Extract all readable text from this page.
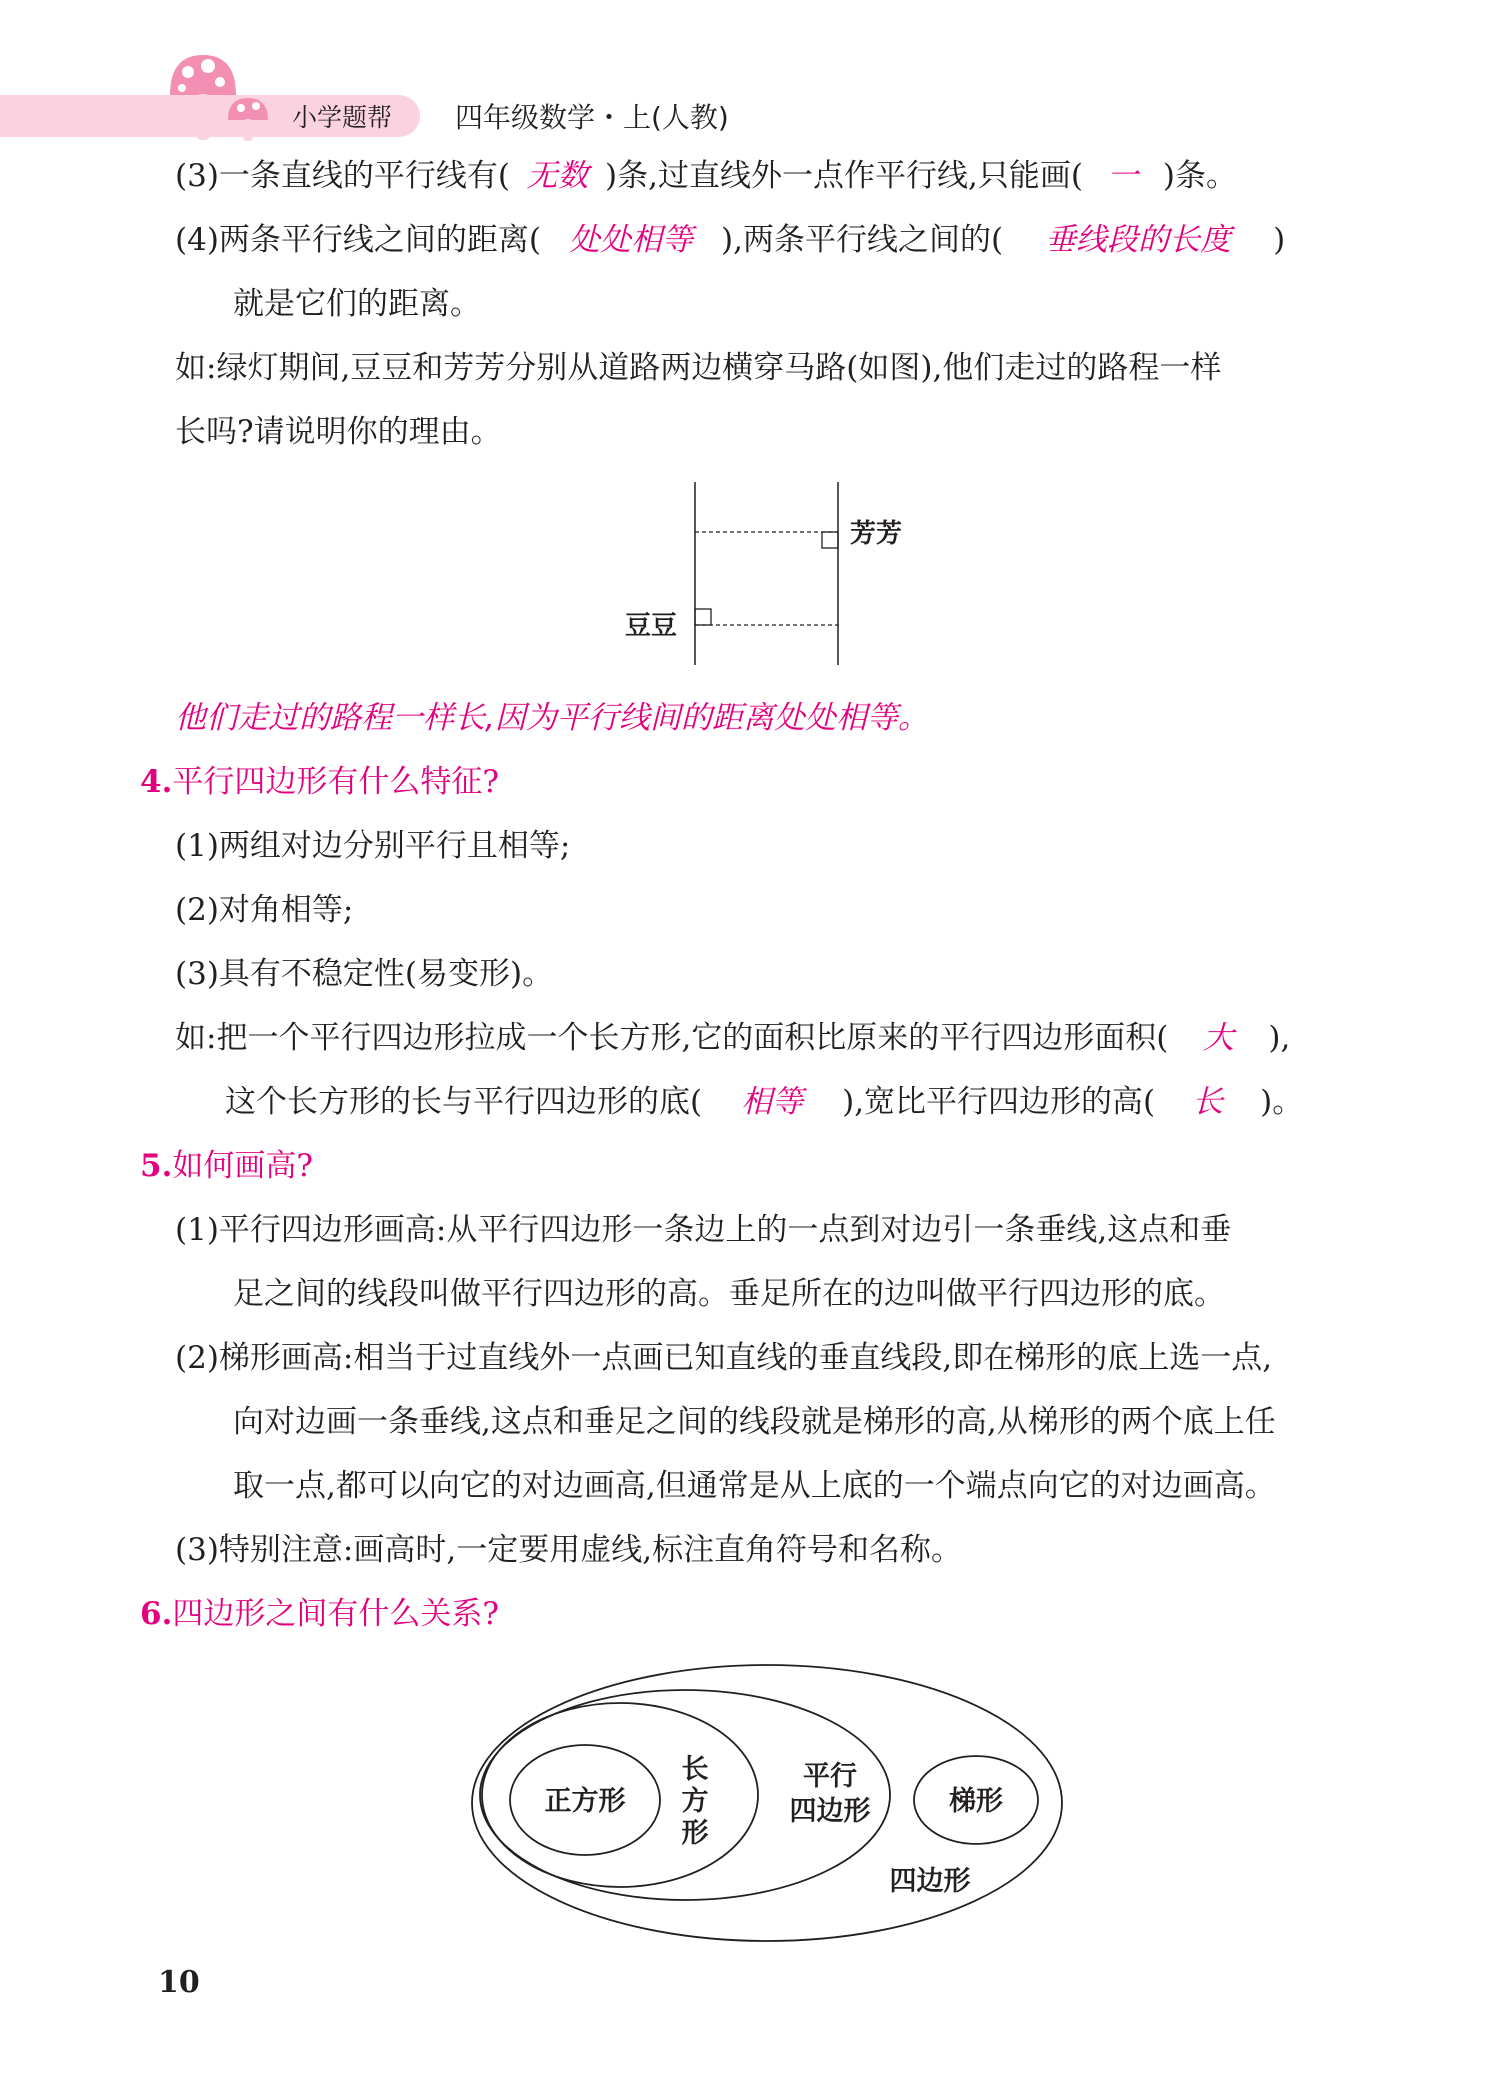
小学题帮 四年级数学・上(人教)
(3)一条直线的平行线有( 无数 )条,过直线外一点作平行线,只能画( 一 )条。
(4)两条平行线之间的距离( 处处相等 ),两条平行线之间的( 垂线段的长度 )
就是它们的距离。
如:绿灯期间,豆豆和芳芳分别从道路两边横穿马路(如图),他们走过的路程一样
长吗?请说明你的理由。
芳芳
豆豆
他们走过的路程一样长,因为平行线间的距离处处相等。
4.平行四边形有什么特征?
(1)两组对边分别平行且相等;
(2)对角相等;
(3)具有不稳定性(易变形)。
如:把一个平行四边形拉成一个长方形,它的面积比原来的平行四边形面积( 大 ),
这个长方形的长与平行四边形的底( 相等 ),宽比平行四边形的高( 长 )。
5.如何画高?
(1)平行四边形画高:从平行四边形一条边上的一点到对边引一条垂线,这点和垂
足之间的线段叫做平行四边形的高。垂足所在的边叫做平行四边形的底。
(2)梯形画高:相当于过直线外一点画已知直线的垂直线段,即在梯形的底上选一点,
向对边画一条垂线,这点和垂足之间的线段就是梯形的高,从梯形的两个底上任
取一点,都可以向它的对边画高,但通常是从上底的一个端点向它的对边画高。
(3)特别注意:画高时,一定要用虚线,标注直角符号和名称。
6.四边形之间有什么关系?
正方形
长
方
形
平行
四边形	梯形
四边形
10
